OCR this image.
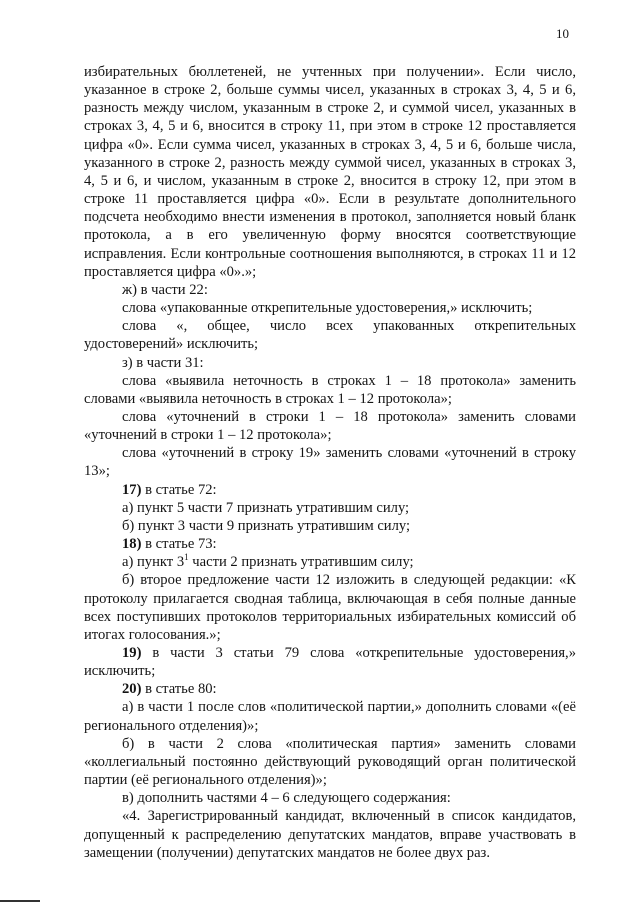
10

избирательных бюллетеней, не учтенных при получении». Если число, указанное в строке 2, больше суммы чисел, указанных в строках 3, 4, 5 и 6, разность между числом, указанным в строке 2, и суммой чисел, указанных в строках 3, 4, 5 и 6, вносится в строку 11, при этом в строке 12 проставляется цифра «0». Если сумма чисел, указанных в строках 3, 4, 5 и 6, больше числа, указанного в строке 2, разность между суммой чисел, указанных в строках 3, 4, 5 и 6, и числом, указанным в строке 2, вносится в строку 12, при этом в строке 11 проставляется цифра «0». Если в результате дополнительного подсчета необходимо внести изменения в протокол, заполняется новый бланк протокола, а в его увеличенную форму вносятся соответствующие исправления. Если контрольные соотношения выполняются, в строках 11 и 12 проставляется цифра «0».»;

ж) в части 22:

слова «упакованные открепительные удостоверения,» исключить;

слова «, общее, число всех упакованных открепительных удостоверений» исключить;

з) в части 31:

слова «выявила неточность в строках 1 – 18 протокола» заменить словами «выявила неточность в строках 1 – 12 протокола»;

слова «уточнений в строки 1 – 18 протокола» заменить словами «уточнений в строки 1 – 12 протокола»;

слова «уточнений в строку 19» заменить словами «уточнений в строку 13»;

17) в статье 72:

а) пункт 5 части 7 признать утратившим силу;

б) пункт 3 части 9 признать утратившим силу;

18) в статье 73:

а) пункт $3^1$ части 2 признать утратившим силу;

б) второе предложение части 12 изложить в следующей редакции: «К протоколу прилагается сводная таблица, включающая в себя полные данные всех поступивших протоколов территориальных избирательных комиссий об итогах голосования.»;

19) в части 3 статьи 79 слова «открепительные удостоверения,» исключить;

20) в статье 80:

а) в части 1 после слов «политической партии,» дополнить словами «(её регионального отделения)»;

б) в части 2 слова «политическая партия» заменить словами «коллегиальный постоянно действующий руководящий орган политической партии (её регионального отделения)»;

в) дополнить частями 4 – 6 следующего содержания:

«4. Зарегистрированный кандидат, включенный в список кандидатов, допущенный к распределению депутатских мандатов, вправе участвовать в замещении (получении) депутатских мандатов не более двух раз.
